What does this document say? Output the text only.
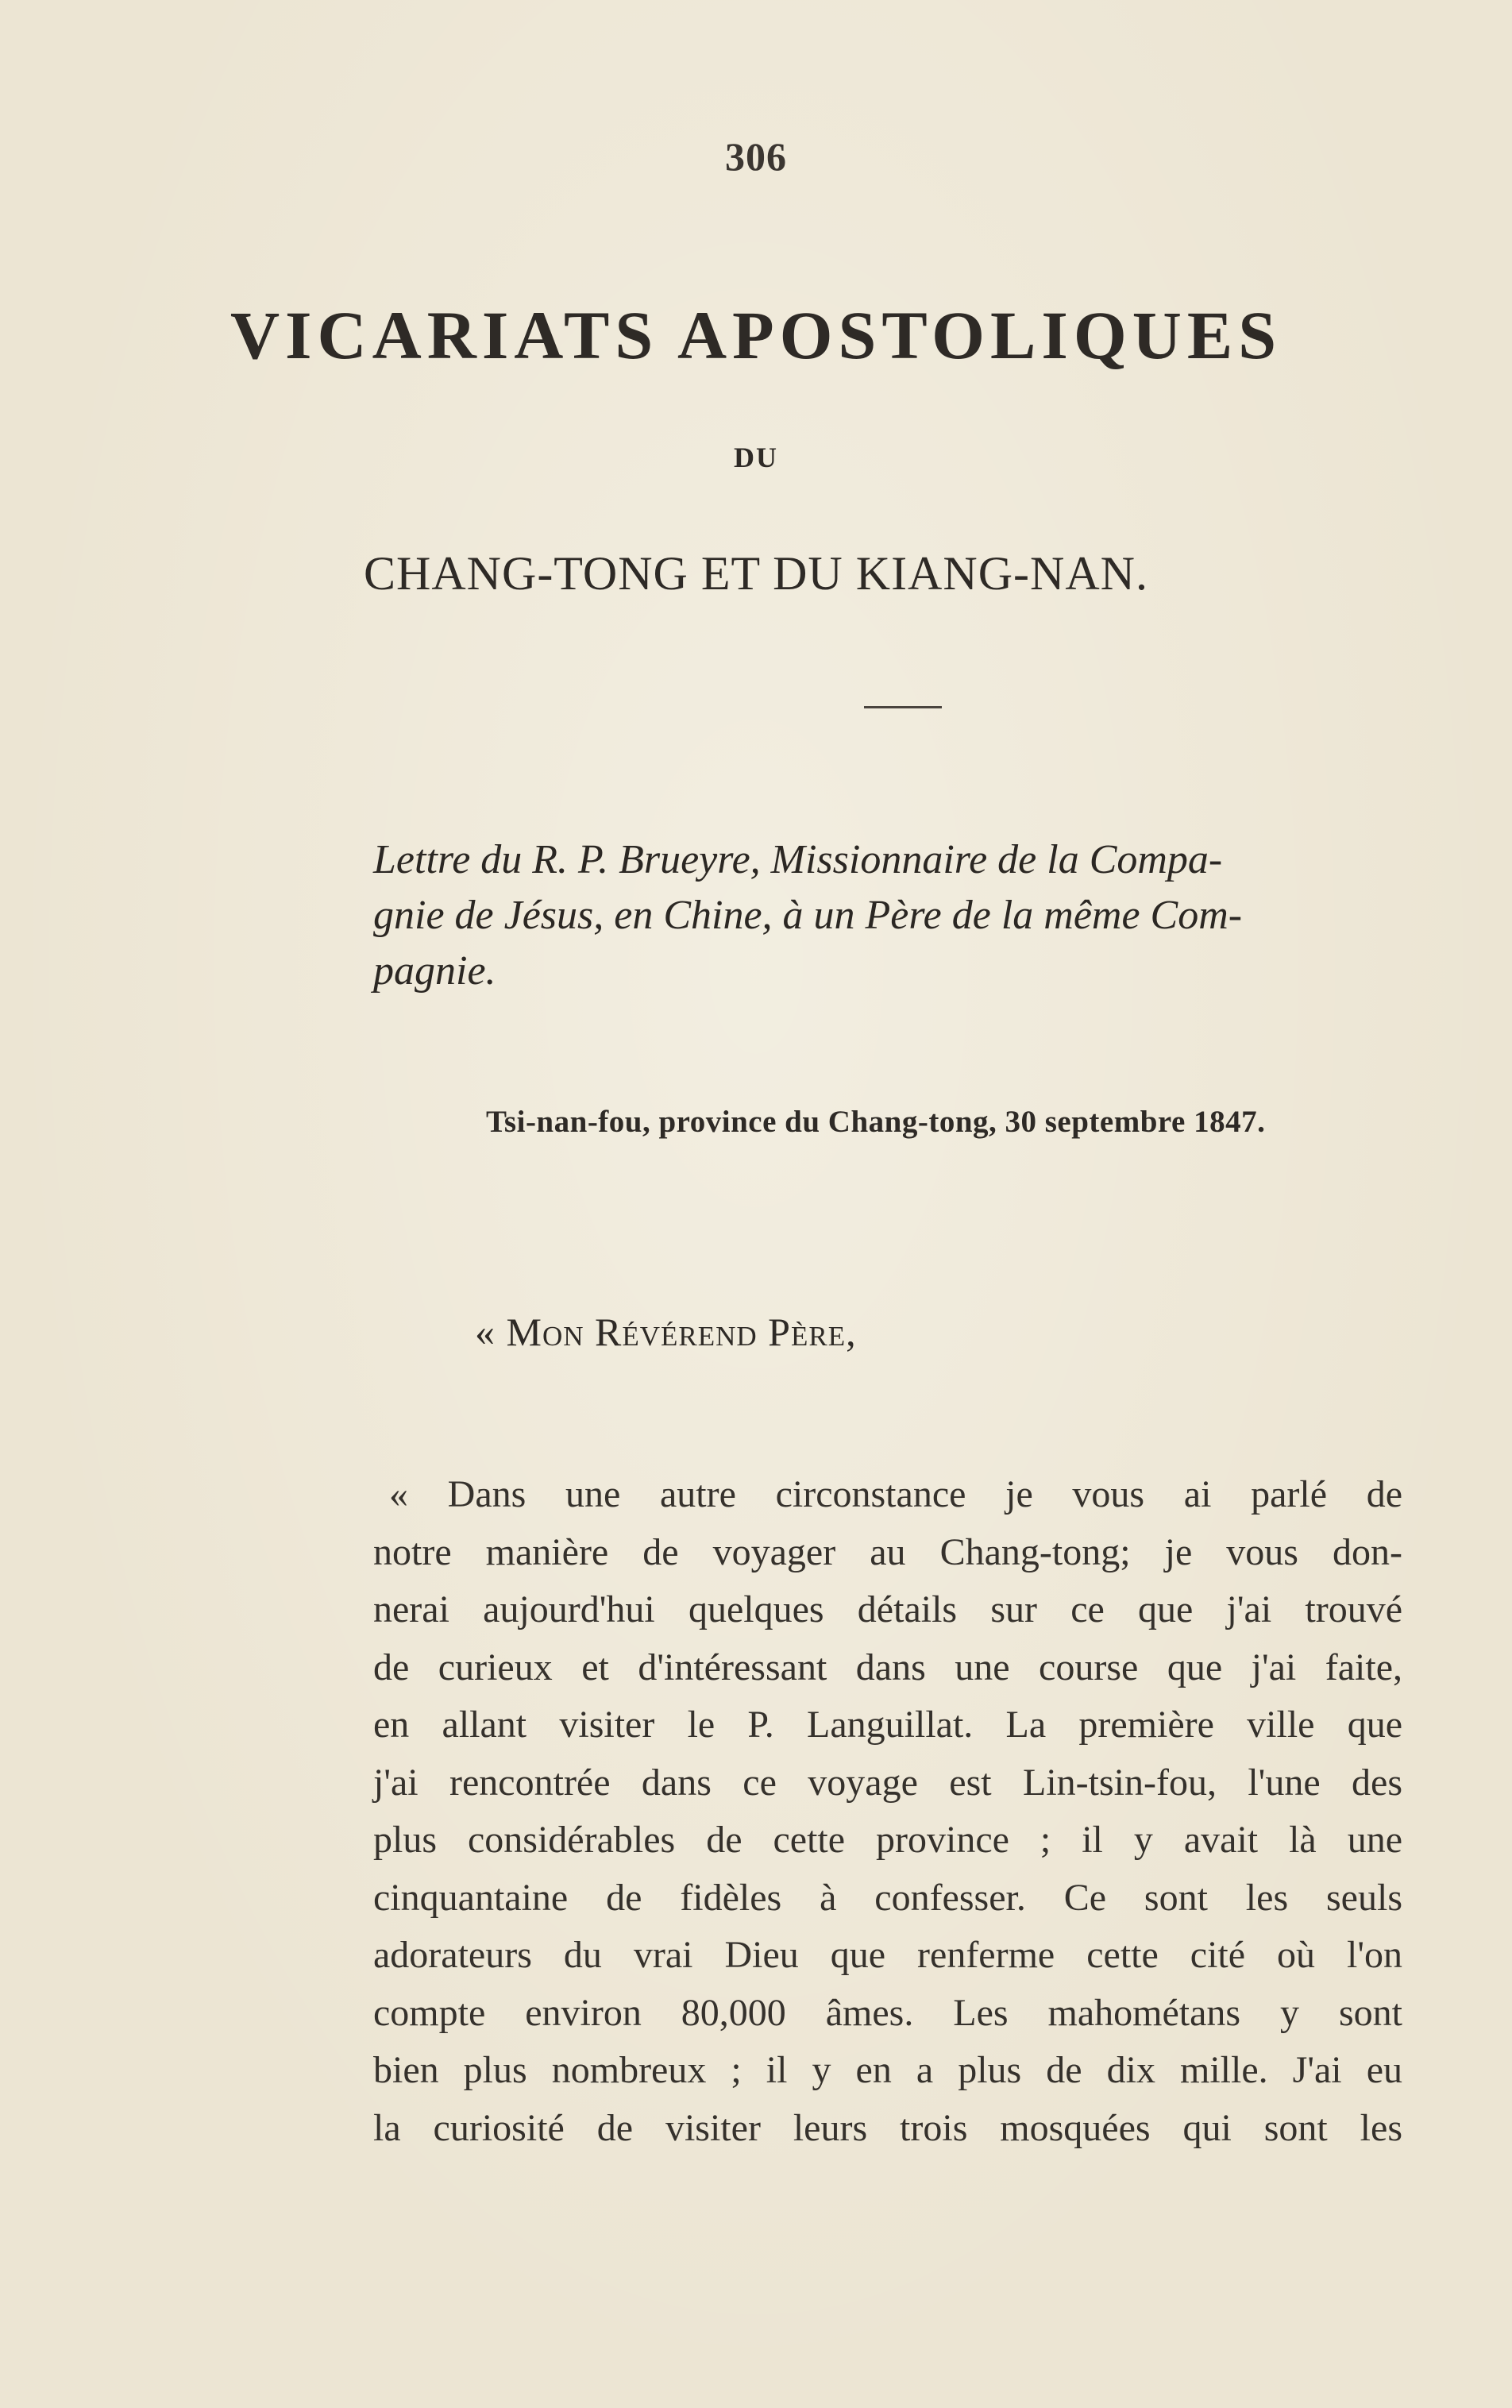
306
VICARIATS APOSTOLIQUES
DU
CHANG-TONG ET DU KIANG-NAN.
Lettre du R. P. Brueyre, Missionnaire de la Compa-
gnie de Jésus, en Chine, à un Père de la même Com-
pagnie.
Tsi-nan-fou, province du Chang-tong, 30 septembre 1847.
« Mon Révérend Père,
« Dans une autre circonstance je vous ai parlé de
notre manière de voyager au Chang-tong; je vous don-
nerai aujourd'hui quelques détails sur ce que j'ai trouvé
de curieux et d'intéressant dans une course que j'ai faite,
en allant visiter le P. Languillat. La première ville que
j'ai rencontrée dans ce voyage est Lin-tsin-fou, l'une des
plus considérables de cette province ; il y avait là une
cinquantaine de fidèles à confesser. Ce sont les seuls
adorateurs du vrai Dieu que renferme cette cité où l'on
compte environ 80,000 âmes. Les mahométans y sont
bien plus nombreux ; il y en a plus de dix mille. J'ai eu
la curiosité de visiter leurs trois mosquées qui sont les
